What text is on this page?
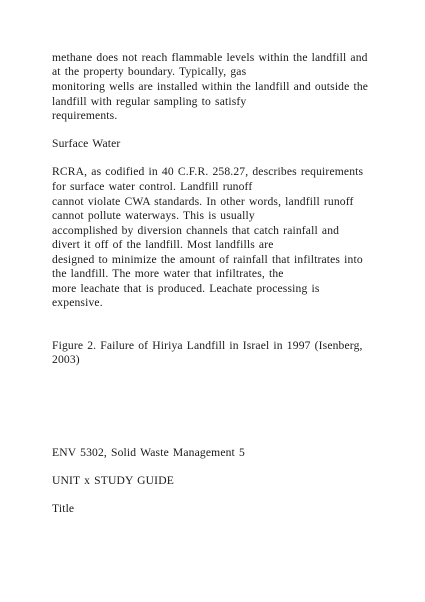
methane does not reach flammable levels within the landfill and
at the property boundary. Typically, gas
monitoring wells are installed within the landfill and outside the
landfill with regular sampling to satisfy
requirements.
Surface Water
RCRA, as codified in 40 C.F.R. 258.27, describes requirements
for surface water control. Landfill runoff
cannot violate CWA standards. In other words, landfill runoff
cannot pollute waterways. This is usually
accomplished by diversion channels that catch rainfall and
divert it off of the landfill. Most landfills are
designed to minimize the amount of rainfall that infiltrates into
the landfill. The more water that infiltrates, the
more leachate that is produced. Leachate processing is
expensive.
Figure 2. Failure of Hiriya Landfill in Israel in 1997 (Isenberg,
2003)
ENV 5302, Solid Waste Management 5
UNIT x STUDY GUIDE
Title
